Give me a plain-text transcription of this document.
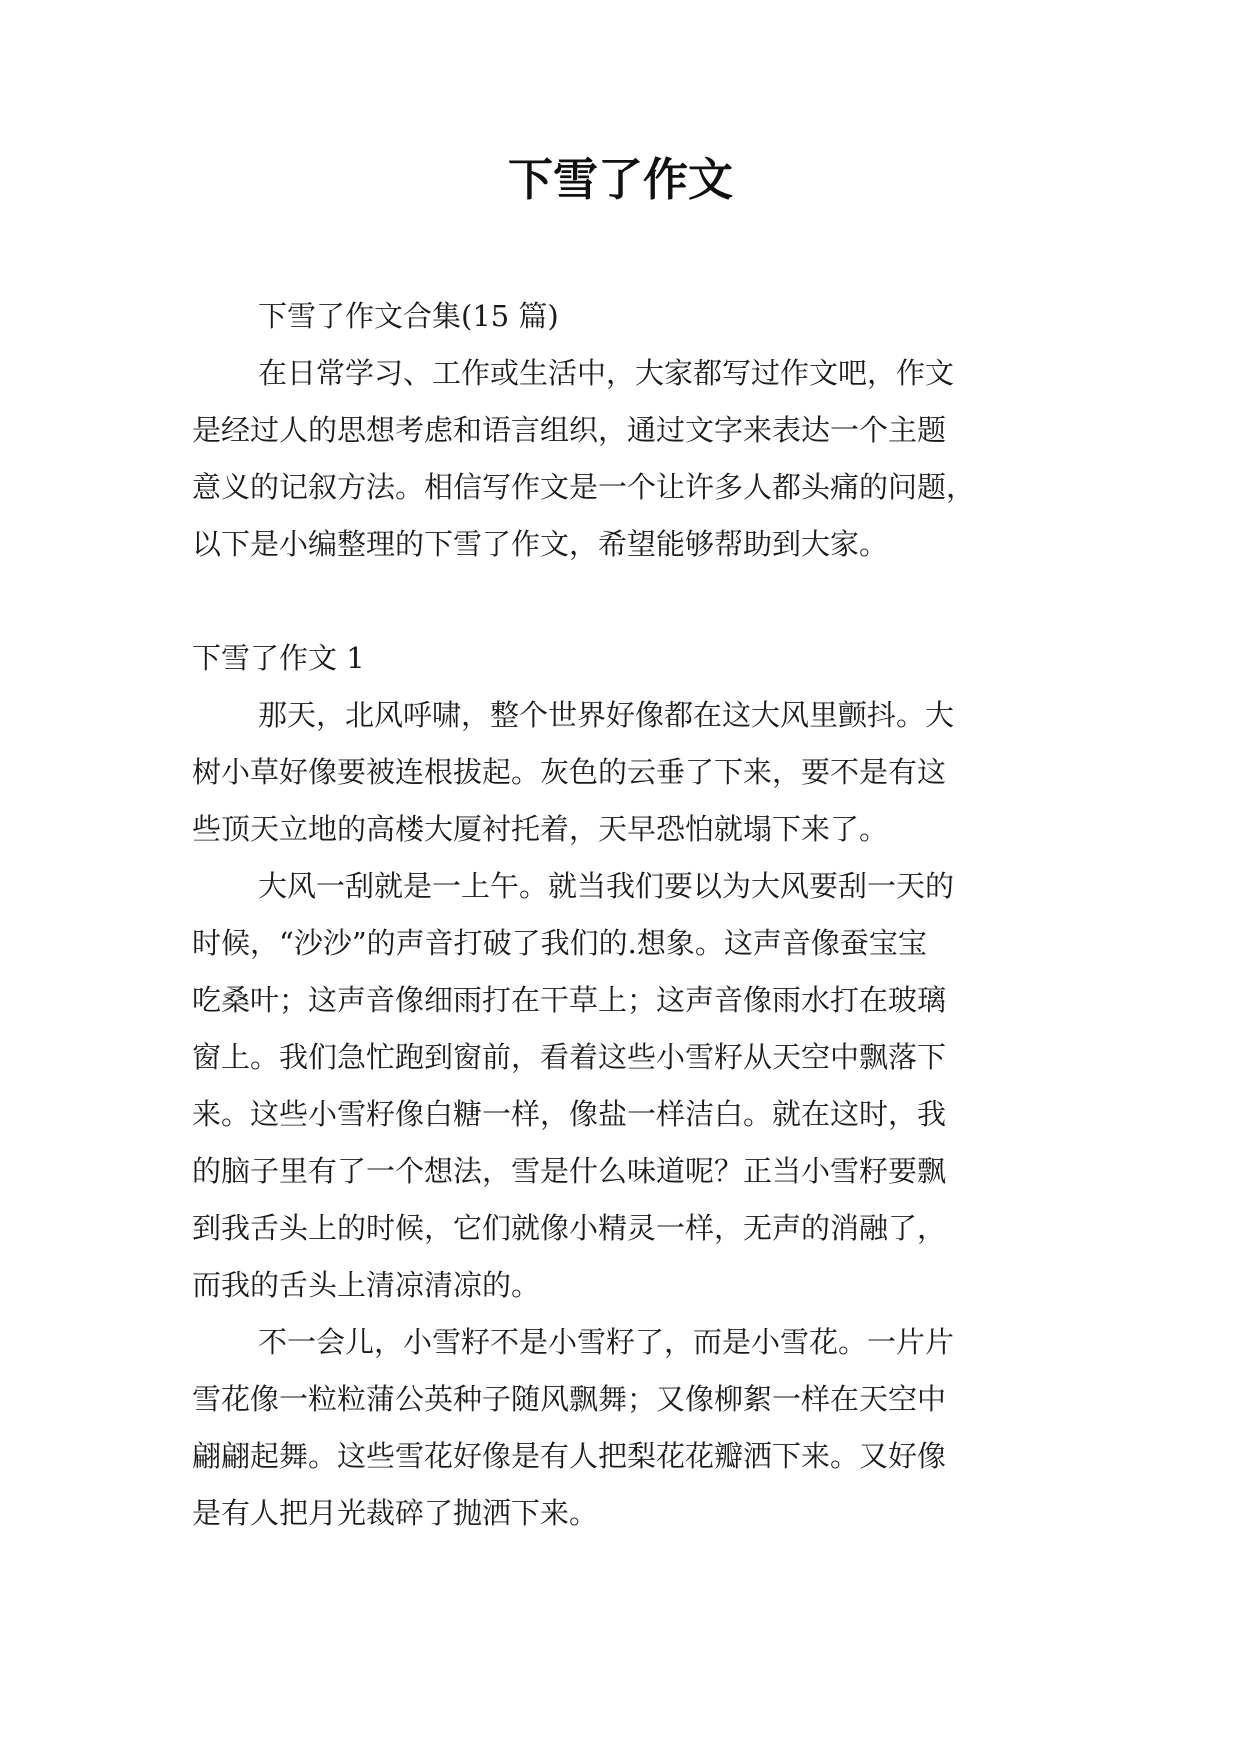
下雪了作文
下雪了作文合集(15 篇)
在日常学习、工作或生活中，大家都写过作文吧，作文
是经过人的思想考虑和语言组织，通过文字来表达一个主题
意义的记叙方法。相信写作文是一个让许多人都头痛的问题，
以下是小编整理的下雪了作文，希望能够帮助到大家。
下雪了作文 1
那天，北风呼啸，整个世界好像都在这大风里颤抖。大
树小草好像要被连根拔起。灰色的云垂了下来，要不是有这
些顶天立地的高楼大厦衬托着，天早恐怕就塌下来了。
大风一刮就是一上午。就当我们要以为大风要刮一天的
时候，“沙沙”的声音打破了我们的.想象。这声音像蚕宝宝
吃桑叶；这声音像细雨打在干草上；这声音像雨水打在玻璃
窗上。我们急忙跑到窗前，看着这些小雪籽从天空中飘落下
来。这些小雪籽像白糖一样，像盐一样洁白。就在这时，我
的脑子里有了一个想法，雪是什么味道呢？正当小雪籽要飘
到我舌头上的时候，它们就像小精灵一样，无声的消融了，
而我的舌头上清凉清凉的。
不一会儿，小雪籽不是小雪籽了，而是小雪花。一片片
雪花像一粒粒蒲公英种子随风飘舞；又像柳絮一样在天空中
翩翩起舞。这些雪花好像是有人把梨花花瓣洒下来。又好像
是有人把月光裁碎了抛洒下来。
